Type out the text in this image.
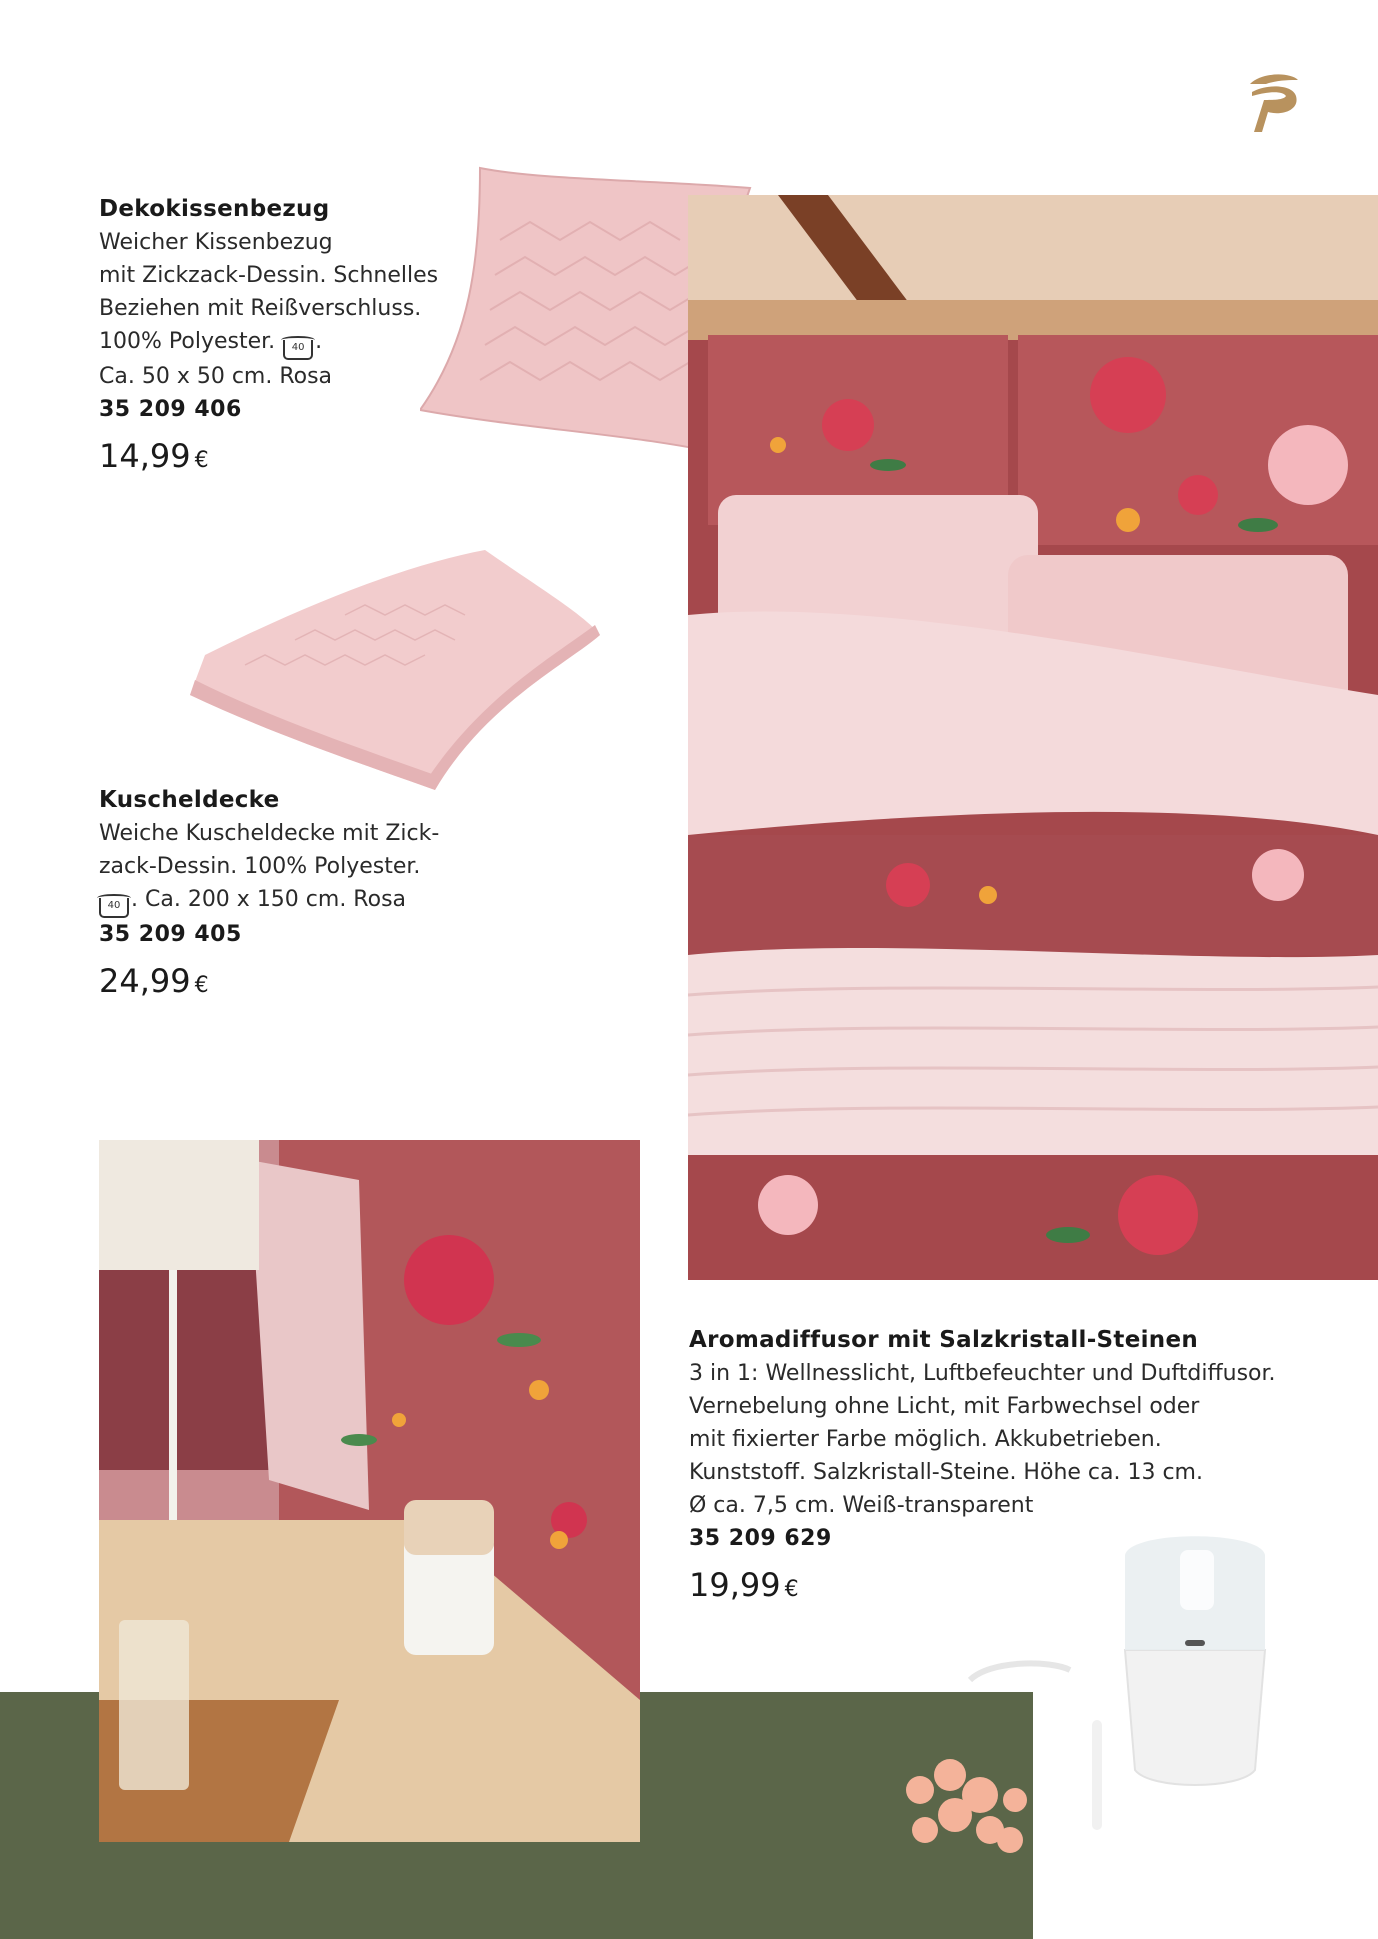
Dekokissenbezug
Weicher Kissenbezug
mit Zickzack-Dessin. Schnelles
Beziehen mit Reißverschluss.
100% Polyester. 40 .
Ca. 50 x 50 cm. Rosa
35 209 406
14,99 €
Kuscheldecke
Weiche Kuscheldecke mit Zick-
zack-Dessin. 100% Polyester.
40 . Ca. 200 x 150 cm. Rosa
35 209 405
24,99 €
Aromadiffusor mit Salzkristall-Steinen
3 in 1: Wellnesslicht, Luftbefeuchter und Duftdiffusor.
Vernebelung ohne Licht, mit Farbwechsel oder
mit fixierter Farbe möglich. Akkubetrieben.
Kunststoff. Salzkristall-Steine. Höhe ca. 13 cm.
Ø ca. 7,5 cm. Weiß-transparent
35 209 629
19,99 €
